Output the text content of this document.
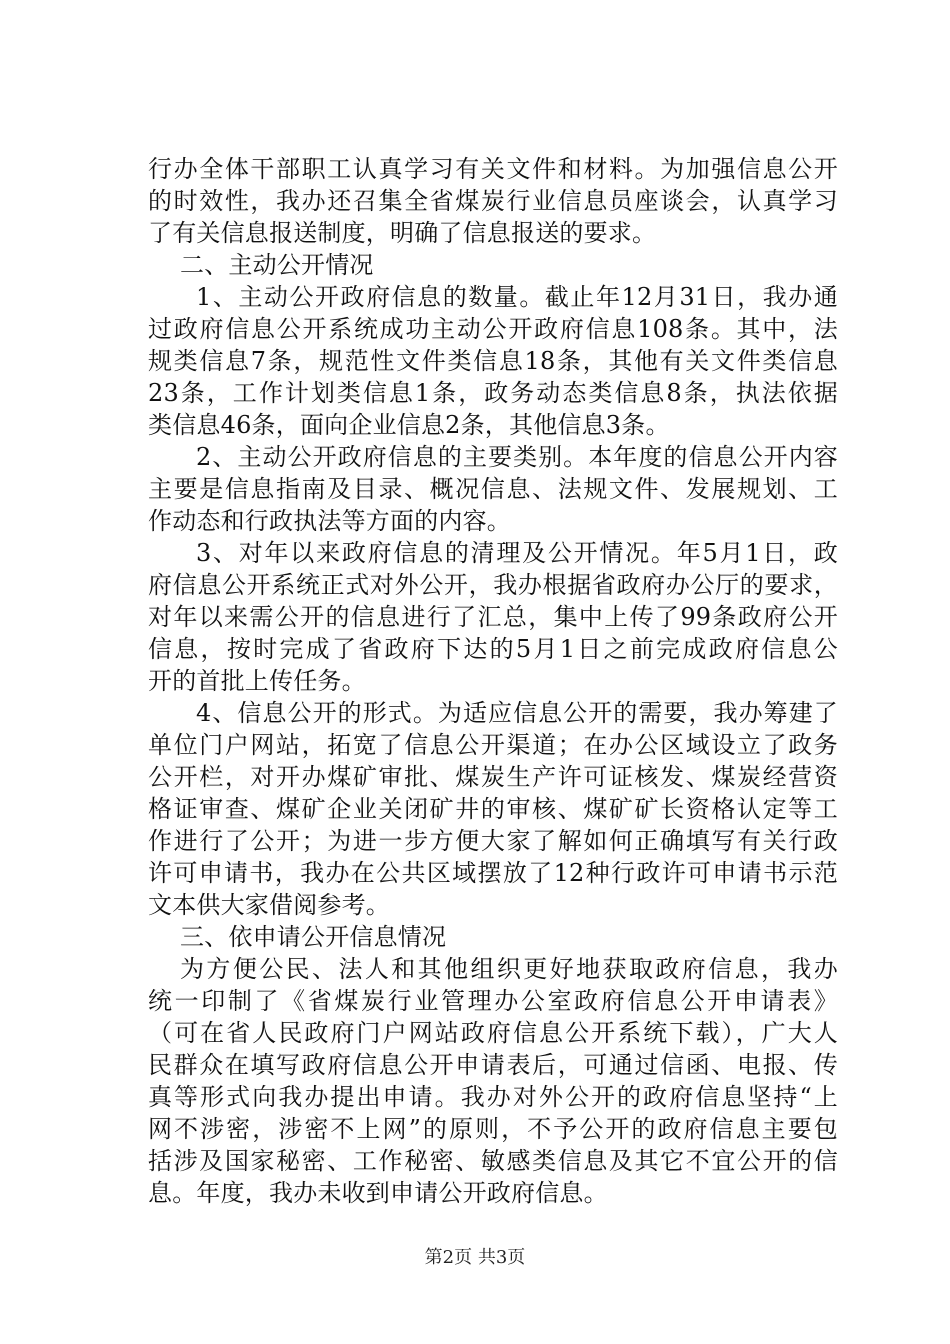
行办全体干部职工认真学习有关文件和材料。为加强信息公开
的时效性，我办还召集全省煤炭行业信息员座谈会，认真学习
了有关信息报送制度，明确了信息报送的要求。
二、主动公开情况
1、主动公开政府信息的数量。截止年12月31日，我办通
过政府信息公开系统成功主动公开政府信息108条。其中，法
规类信息7条，规范性文件类信息18条，其他有关文件类信息
23条，工作计划类信息1条，政务动态类信息8条，执法依据
类信息46条，面向企业信息2条，其他信息3条。
2、主动公开政府信息的主要类别。本年度的信息公开内容
主要是信息指南及目录、概况信息、法规文件、发展规划、工
作动态和行政执法等方面的内容。
3、对年以来政府信息的清理及公开情况。年5月1日，政
府信息公开系统正式对外公开，我办根据省政府办公厅的要求，
对年以来需公开的信息进行了汇总，集中上传了99条政府公开
信息，按时完成了省政府下达的5月1日之前完成政府信息公
开的首批上传任务。
4、信息公开的形式。为适应信息公开的需要，我办筹建了
单位门户网站，拓宽了信息公开渠道；在办公区域设立了政务
公开栏，对开办煤矿审批、煤炭生产许可证核发、煤炭经营资
格证审查、煤矿企业关闭矿井的审核、煤矿矿长资格认定等工
作进行了公开；为进一步方便大家了解如何正确填写有关行政
许可申请书，我办在公共区域摆放了12种行政许可申请书示范
文本供大家借阅参考。
三、依申请公开信息情况
为方便公民、法人和其他组织更好地获取政府信息，我办
统一印制了《省煤炭行业管理办公室政府信息公开申请表》
（可在省人民政府门户网站政府信息公开系统下载），广大人
民群众在填写政府信息公开申请表后，可通过信函、电报、传
真等形式向我办提出申请。我办对外公开的政府信息坚持“上
网不涉密，涉密不上网”的原则，不予公开的政府信息主要包
括涉及国家秘密、工作秘密、敏感类信息及其它不宜公开的信
息。年度，我办未收到申请公开政府信息。
第2页 共3页
